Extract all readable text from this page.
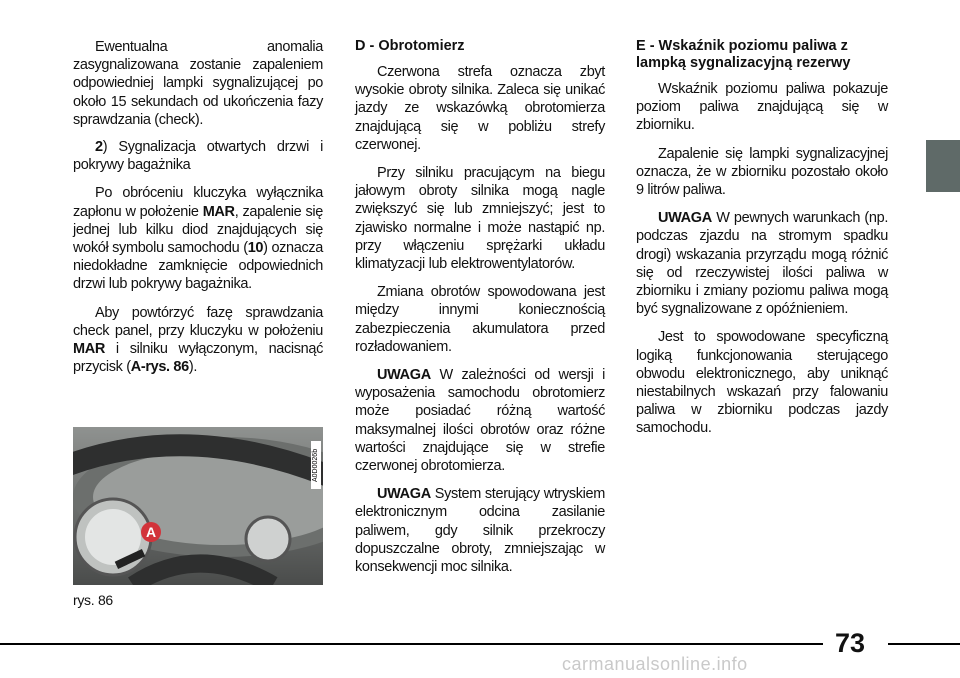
Ewentualna anomalia zasygnalizowana zostanie zapaleniem odpowiedniej lampki sygnalizującej po około 15 sekundach od ukończenia fazy sprawdzania (check).

2) Sygnalizacja otwartych drzwi i pokrywy bagażnika

Po obróceniu kluczyka wyłącznika zapłonu w położenie MAR, zapalenie się jednej lub kilku diod znajdujących się wokół symbolu samochodu (10) oznacza niedokładne zamknięcie odpowiednich drzwi lub pokrywy bagażnika.

Aby powtórzyć fazę sprawdzania check panel, przy kluczyku w położeniu MAR i silniku wyłączonym, nacisnąć przycisk (A-rys. 86).

A0D0026b
A
rys. 86
D - Obrotomierz

Czerwona strefa oznacza zbyt wysokie obroty silnika. Zaleca się unikać jazdy ze wskazówką obrotomierza znajdującą się w pobliżu strefy czerwonej.

Przy silniku pracującym na biegu jałowym obroty silnika mogą nagle zwiększyć się lub zmniejszyć; jest to zjawisko normalne i może nastąpić np. przy włączeniu sprężarki układu klimatyzacji lub elektrowentylatorów.

Zmiana obrotów spowodowana jest między innymi koniecznością zabezpieczenia akumulatora przed rozładowaniem.

UWAGA W zależności od wersji i wyposażenia samochodu obrotomierz może posiadać różną wartość maksymalnej ilości obrotów oraz różne wartości znajdujące się w strefie czerwonej obrotomierza.

UWAGA System sterujący wtryskiem elektronicznym odcina zasilanie paliwem, gdy silnik przekroczy dopuszczalne obroty, zmniejszając w konsekwencji moc silnika.

E - Wskaźnik poziomu paliwa z lampką sygnalizacyjną rezerwy

Wskaźnik poziomu paliwa pokazuje poziom paliwa znajdującą się w zbiorniku.

Zapalenie się lampki sygnalizacyjnej oznacza, że w zbiorniku pozostało około 9 litrów paliwa.

UWAGA W pewnych warunkach (np. podczas zjazdu na stromym spadku drogi) wskazania przyrządu mogą różnić się od rzeczywistej ilości paliwa w zbiorniku i zmiany poziomu paliwa mogą być sygnalizowane z opóźnieniem.

Jest to spowodowane specyficzną logiką funkcjonowania sterującego obwodu elektronicznego, aby uniknąć niestabilnych wskazań przy falowaniu paliwa w zbiorniku podczas jazdy samochodu.

73
carmanualsonline.info
